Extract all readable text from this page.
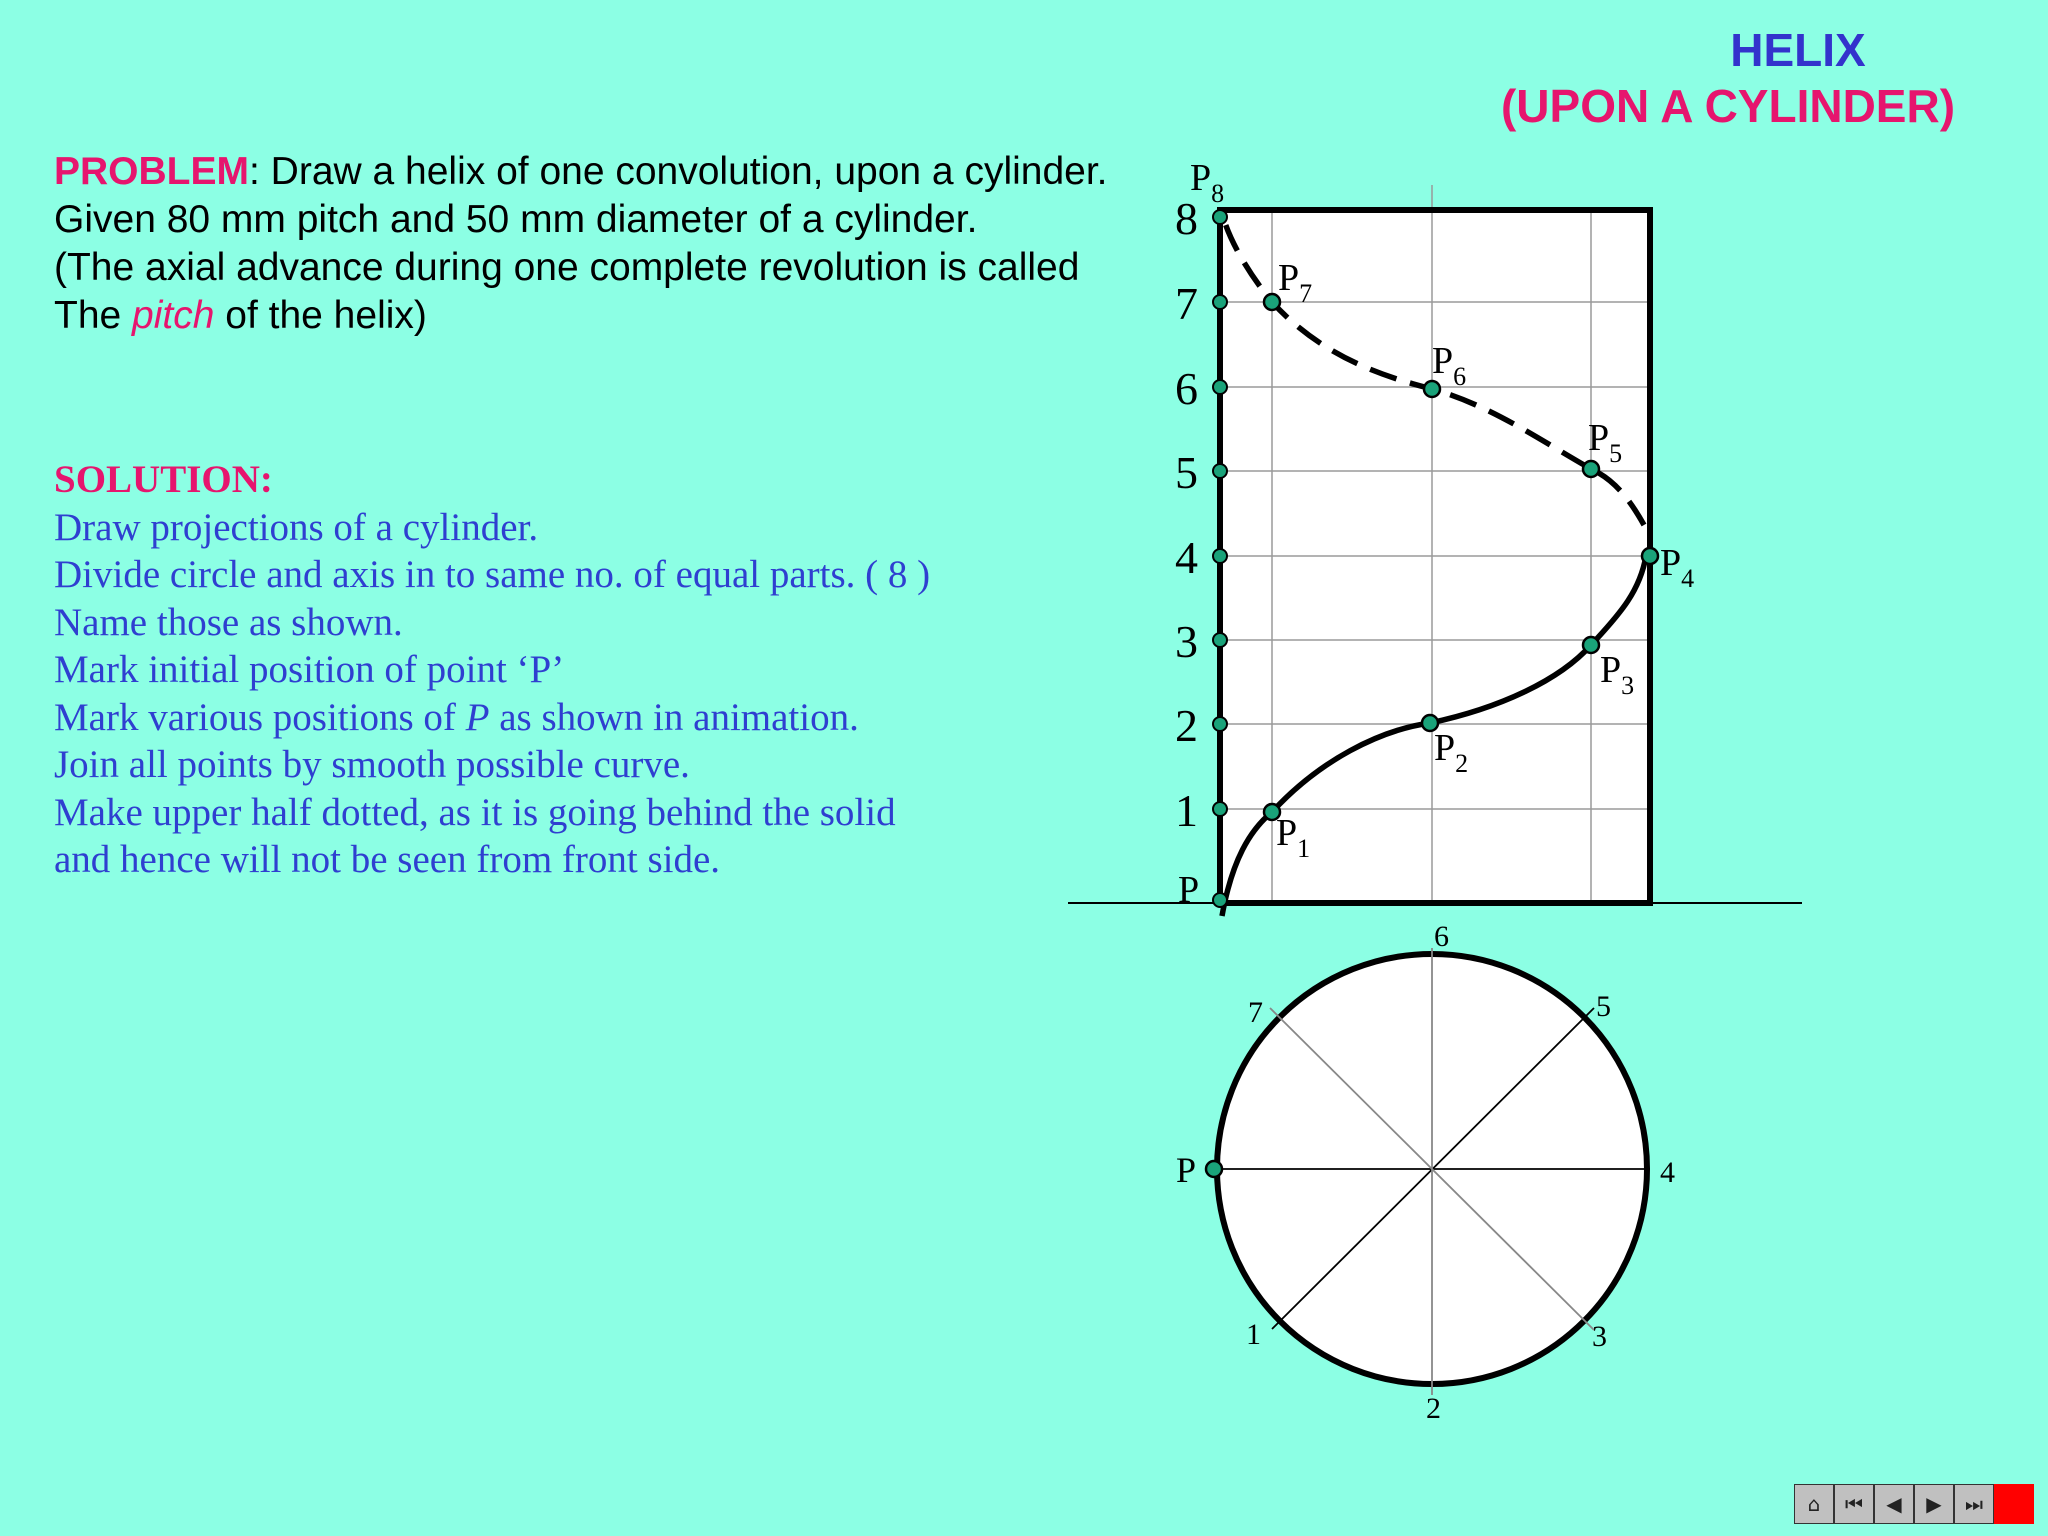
HELIX
(UPON A CYLINDER)
PROBLEM: Draw a helix of one convolution, upon a cylinder.
Given 80 mm pitch and 50 mm diameter of a cylinder.
(The axial advance during one complete revolution is called
The pitch of the helix)
SOLUTION:
Draw projections of a cylinder.
Divide circle and axis in to same no. of equal parts. ( 8 )
Name those as shown.
Mark initial position of point ‘P’
Mark various positions of P as shown in animation.
Join all points by smooth possible curve.
Make upper half dotted, as it is going behind the solid
and hence will not be seen from front side.
8
7
6
5
4
3
2
1
P
$P_1$
$P_2$
$P_3$
$P_4$
$P_5$
$P_6$
$P_7$
$P_8$
6
5
7
P	4
1	3
2
⌂	⏮	◀	▶	⏭
